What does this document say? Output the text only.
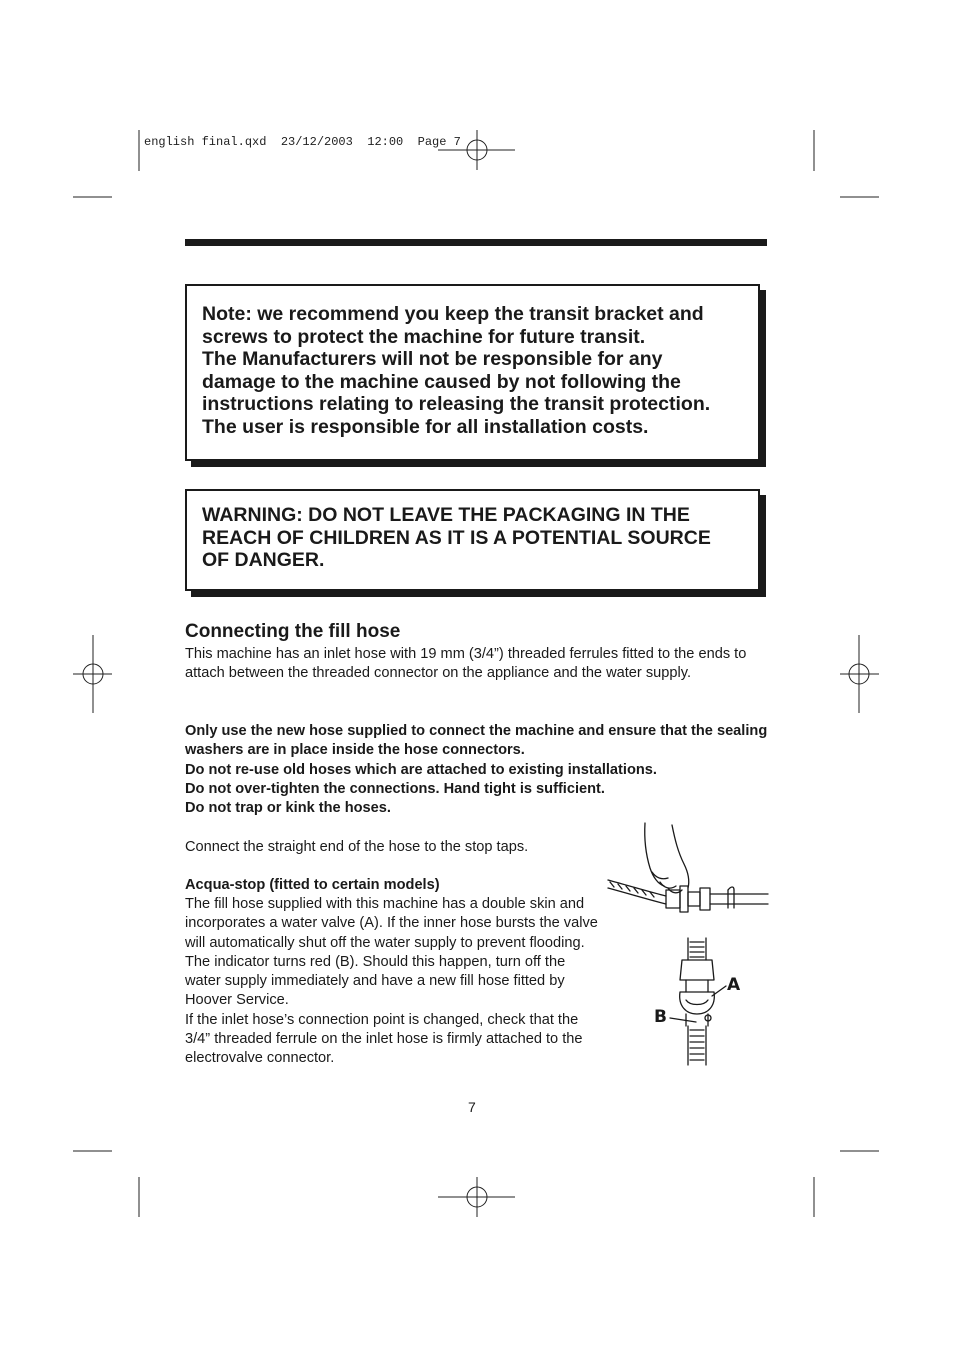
english final.qxd  23/12/2003  12:00  Page 7

Note: we recommend you keep the transit bracket and

screws to protect the machine for future transit.

The Manufacturers will not be responsible for any

damage to the machine caused by not following the

instructions relating to releasing the transit protection.

The user is responsible for all installation costs.

WARNING: DO NOT LEAVE THE PACKAGING IN THE

REACH OF CHILDREN AS IT IS A POTENTIAL SOURCE

OF DANGER.

Connecting the fill hose

This machine has an inlet hose with 19 mm (3/4”) threaded ferrules fitted to the ends to attach between the threaded connector on the appliance and the water supply.

Only use the new hose supplied to connect the machine and ensure that the sealing washers are in place inside the hose connectors.
Do not re-use old hoses which are attached to existing installations.
Do not over-tighten the connections. Hand tight is sufficient.
Do not trap or kink the hoses.

Connect the straight end of the hose to the stop taps.

Acqua-stop (fitted to certain models)

The fill hose supplied with this machine has a double skin and incorporates a water valve (A). If the inner hose bursts the valve will automatically shut off the water supply to prevent flooding. The indicator turns red (B). Should this happen, turn off the water supply immediately and have a new fill hose fitted by Hoover Service.
If the inlet hose’s connection point is changed, check that the 3/4” threaded ferrule on the inlet hose is firmly attached to the electrovalve connector.
A
B
7
